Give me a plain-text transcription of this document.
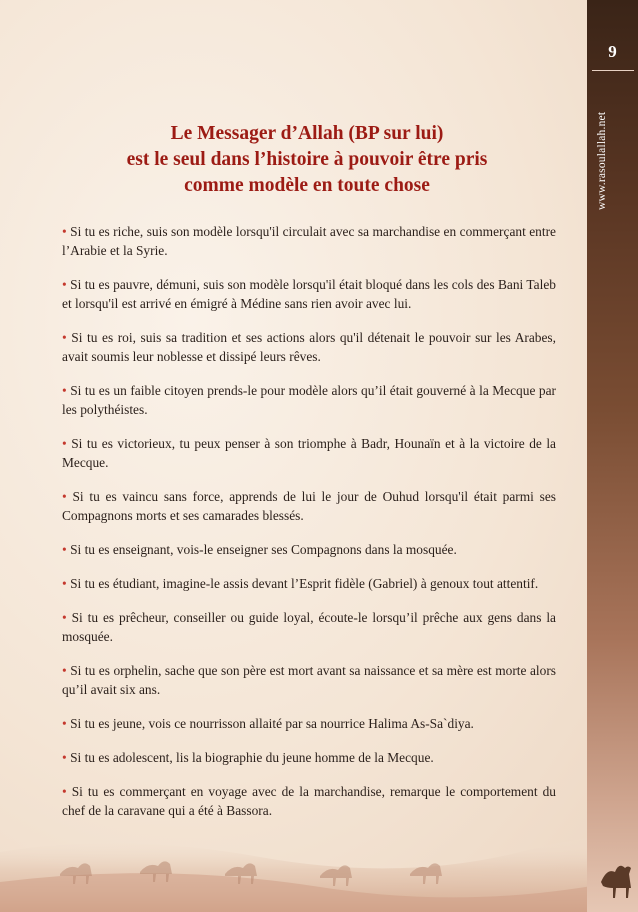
9
www.rasoulallah.net
Le Messager d’Allah (BP sur lui)
est le seul dans l’histoire à pouvoir être pris
comme modèle en toute chose

• Si tu es riche, suis son modèle lorsqu'il circulait avec sa marchandise en commerçant entre l’Arabie et la Syrie.

• Si tu es pauvre, démuni, suis son modèle lorsqu'il était bloqué dans les cols des Bani Taleb et lorsqu'il est arrivé en émigré à Médine sans rien avoir avec lui.

• Si tu es roi, suis sa tradition et ses actions alors qu'il détenait le pouvoir sur les Arabes, avait soumis leur noblesse et dissipé leurs rêves.

• Si tu es un faible citoyen prends-le pour modèle alors qu’il était gouverné à la Mecque par les polythéistes.

• Si tu es victorieux, tu peux penser à son triomphe à Badr, Hounaïn et à la victoire de la Mecque.

• Si tu es vaincu sans force, apprends de lui le jour de Ouhud lorsqu'il était parmi ses Compagnons morts et ses camarades blessés.

• Si tu es enseignant, vois-le enseigner ses Compagnons dans la mosquée.

• Si tu es étudiant, imagine-le assis devant l’Esprit fidèle (Gabriel) à genoux tout attentif.

• Si tu es prêcheur, conseiller ou guide loyal, écoute-le lorsqu’il prêche aux gens dans la mosquée.

• Si tu es orphelin, sache que son père est mort avant sa naissance et sa mère est morte alors qu’il avait six ans.

• Si tu es jeune, vois ce nourrisson allaité par sa nourrice Halima As-Sa`diya.

• Si tu es adolescent, lis la biographie du jeune homme de la Mecque.

• Si tu es commerçant en voyage avec de la marchandise, remarque le comportement du chef de la caravane qui a été à Bassora.
